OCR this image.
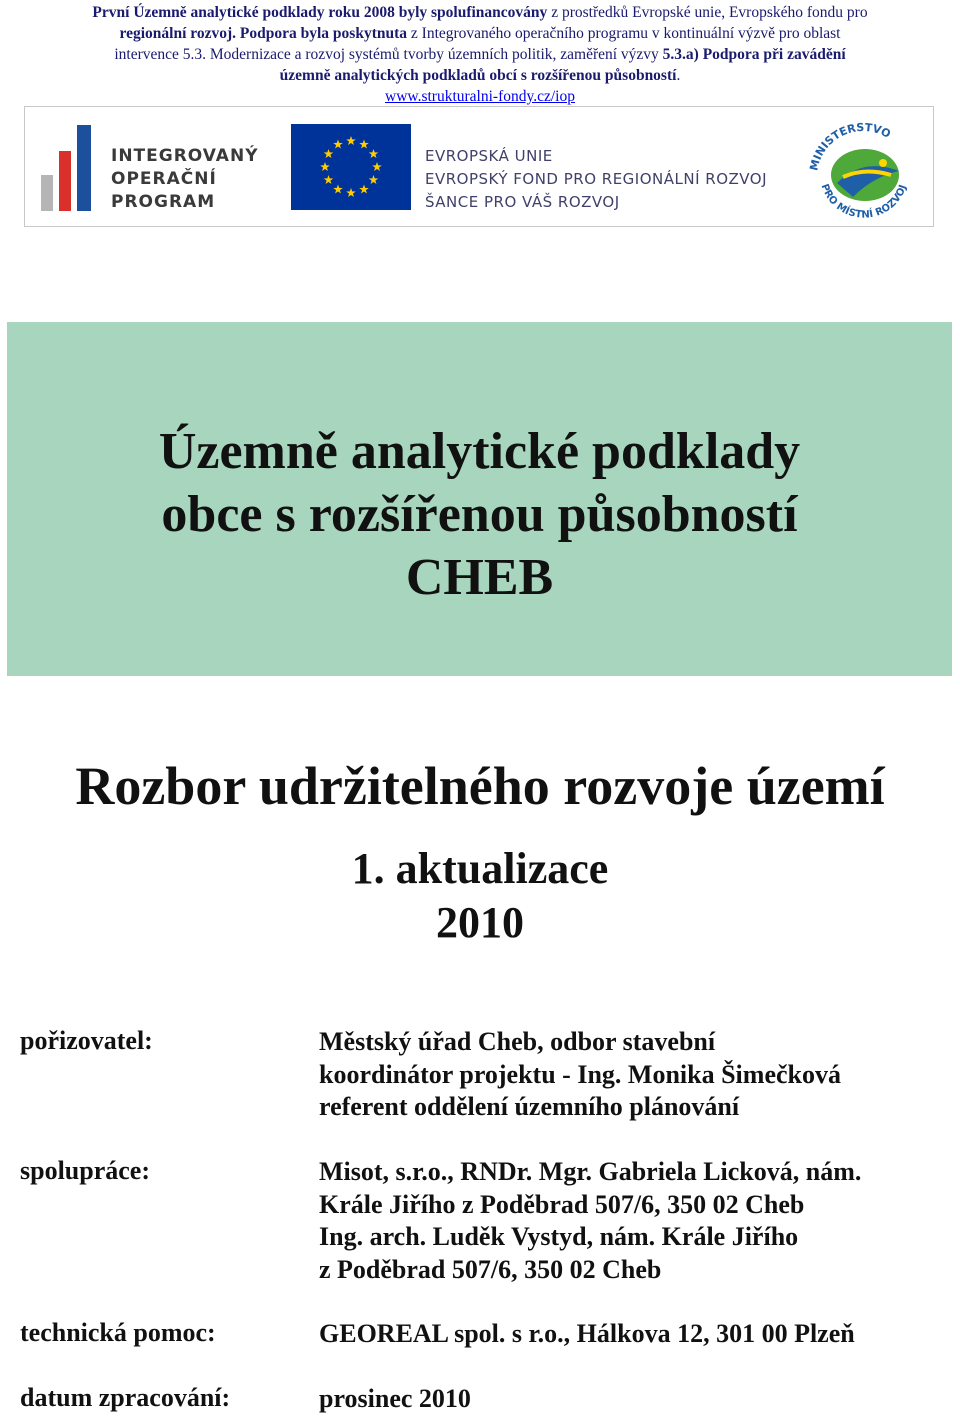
První Územně analytické podklady roku 2008 byly spolufinancovány z prostředků Evropské unie, Evropského fondu pro
regionální rozvoj. Podpora byla poskytnuta z Integrovaného operačního programu v kontinuální výzvě pro oblast
intervence 5.3. Modernizace a rozvoj systémů tvorby územních politik, zaměření výzvy 5.3.a) Podpora při zavádění
územně analytických podkladů obcí s rozšířenou působností.
www.strukturalni-fondy.cz/iop
INTEGROVANÝ
OPERAČNÍ
PROGRAM
EVROPSKÁ UNIE
EVROPSKÝ FOND PRO REGIONÁLNÍ ROZVOJ
ŠANCE PRO VÁŠ ROZVOJ
MINISTERSTVO
PRO MÍSTNÍ ROZVOJ
Územně analytické podklady
obce s rozšířenou působností
CHEB
Rozbor udržitelného rozvoje území
1. aktualizace
2010
pořizovatel:	Městský úřad Cheb, odbor stavební
koordinátor projektu - Ing. Monika Šimečková
referent oddělení územního plánování
spolupráce:	Misot, s.r.o., RNDr. Mgr. Gabriela Licková, nám.
Krále Jiřího z Poděbrad 507/6, 350 02 Cheb
Ing. arch. Luděk Vystyd, nám. Krále Jiřího
z Poděbrad 507/6, 350 02 Cheb
technická pomoc:	GEOREAL spol. s r.o., Hálkova 12, 301 00 Plzeň
datum zpracování:	prosinec 2010
